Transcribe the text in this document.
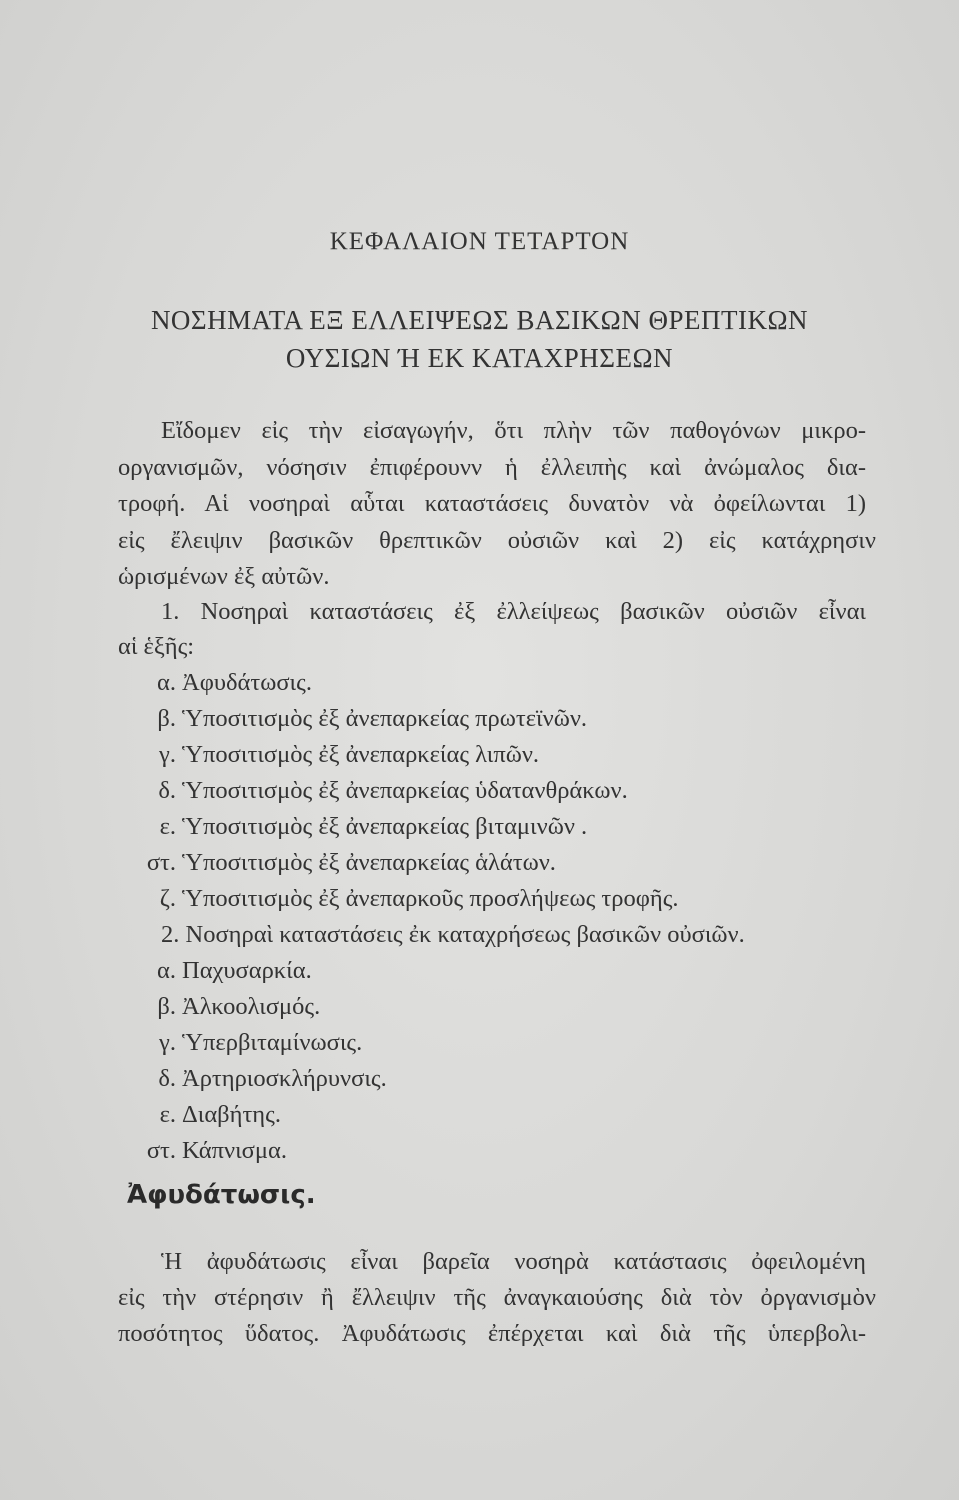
ΚΕΦΑΛΑΙΟΝ ΤΕΤΑΡΤΟΝ
ΝΟΣΗΜΑΤΑ ΕΞ ΕΛΛΕΙΨΕΩΣ ΒΑΣΙΚΩΝ ΘΡΕΠΤΙΚΩΝ
ΟΥΣΙΩΝ Ή ΕΚ ΚΑΤΑΧΡΗΣΕΩΝ
Εἴδομεν εἰς τὴν εἰσαγωγήν, ὅτι πλὴν τῶν παθογόνων μικρο-
οργανισμῶν, νόσησιν ἐπιφέρουνν ἡ ἐλλειπὴς καὶ ἀνώμαλος δια-
τροφή. Αἱ νοσηραὶ αὗται καταστάσεις δυνατὸν νὰ ὀφείλωνται 1)
εἰς ἔλειψιν βασικῶν θρεπτικῶν οὐσιῶν καὶ 2) εἰς κατάχρησιν
ὡρισμένων ἐξ αὐτῶν.
1. Νοσηραὶ καταστάσεις ἐξ ἐλλείψεως βασικῶν οὐσιῶν εἶναι
αἱ ἑξῆς:
α. Ἀφυδάτωσις.
β. Ὑποσιτισμὸς ἐξ ἀνεπαρκείας πρωτεϊνῶν.
γ. Ὑποσιτισμὸς ἐξ ἀνεπαρκείας λιπῶν.
δ. Ὑποσιτισμὸς ἐξ ἀνεπαρκείας ὑδατανθράκων.
ε. Ὑποσιτισμὸς ἐξ ἀνεπαρκείας βιταμινῶν .
στ. Ὑποσιτισμὸς ἐξ ἀνεπαρκείας ἁλάτων.
ζ. Ὑποσιτισμὸς ἐξ ἀνεπαρκοῦς προσλήψεως τροφῆς.
2. Νοσηραὶ καταστάσεις ἐκ καταχρήσεως βασικῶν οὐσιῶν.
α. Παχυσαρκία.
β. Ἀλκοολισμός.
γ. Ὑπερβιταμίνωσις.
δ. Ἀρτηριοσκλήρυνσις.
ε. Διαβήτης.
στ. Κάπνισμα.
Ἀφυδάτωσις.
Ἡ ἀφυδάτωσις εἶναι βαρεῖα νοσηρὰ κατάστασις ὀφειλομένη
εἰς τὴν στέρησιν ἢ ἔλλειψιν τῆς ἀναγκαιούσης διὰ τὸν ὀργανισμὸν
ποσότητος ὕδατος. Ἀφυδάτωσις ἐπέρχεται καὶ διὰ τῆς ὑπερβολι-
